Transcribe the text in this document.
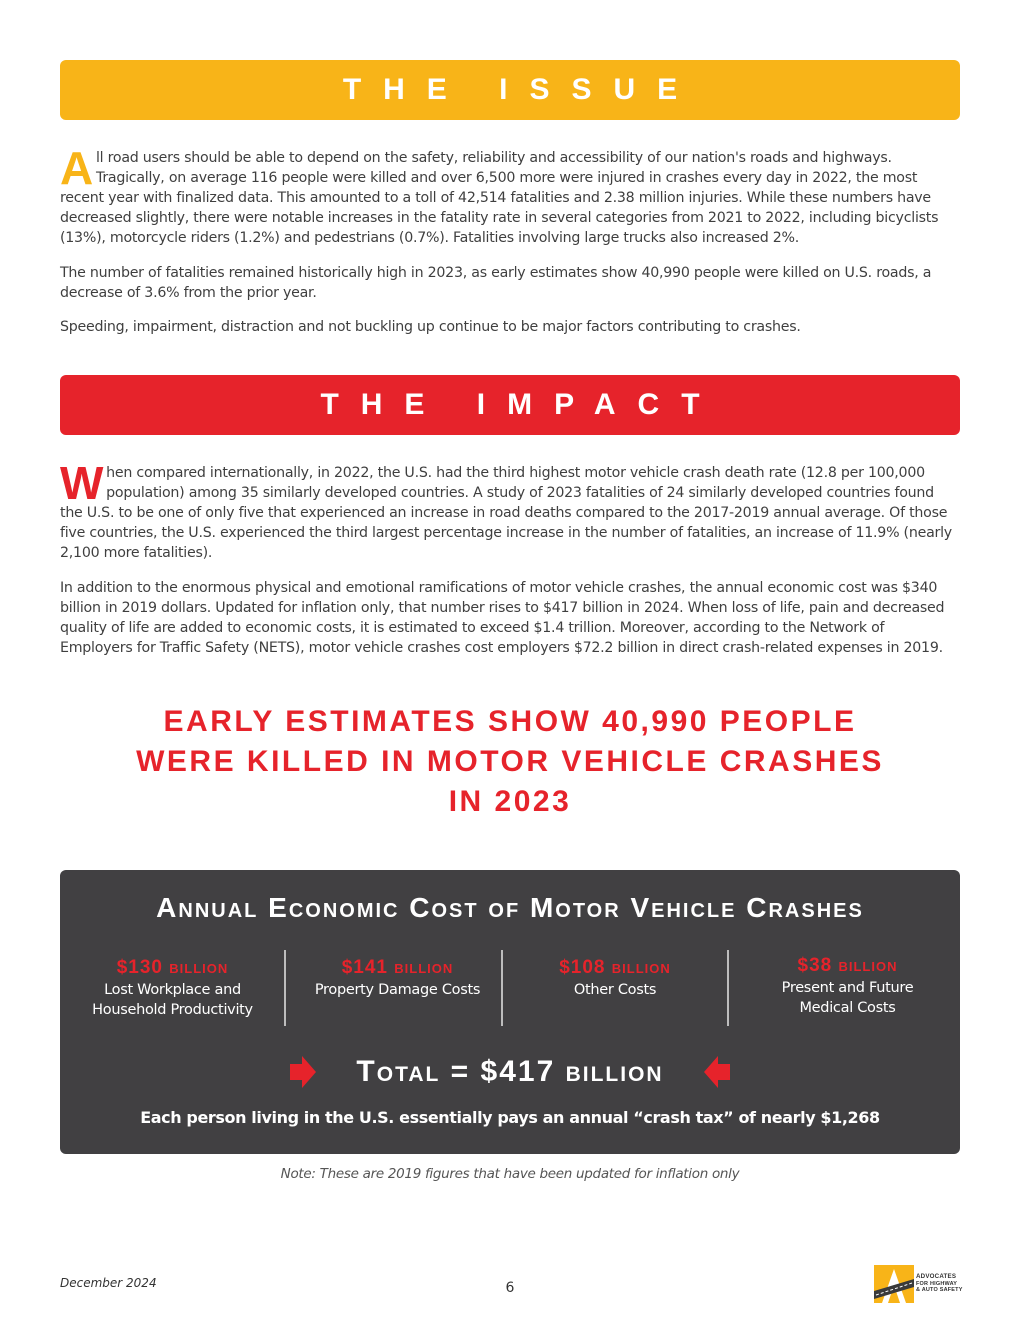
THE ISSUE

All road users should be able to depend on the safety, reliability and accessibility of our nation's roads and highways. Tragically, on average 116 people were killed and over 6,500 more were injured in crashes every day in 2022, the most recent year with finalized data. This amounted to a toll of 42,514 fatalities and 2.38 million injuries. While these numbers have decreased slightly, there were notable increases in the fatality rate in several categories from 2021 to 2022, including bicyclists (13%), motorcycle riders (1.2%) and pedestrians (0.7%). Fatalities involving large trucks also increased 2%.

The number of fatalities remained historically high in 2023, as early estimates show 40,990 people were killed on U.S. roads, a decrease of 3.6% from the prior year.

Speeding, impairment, distraction and not buckling up continue to be major factors contributing to crashes.

THE IMPACT

When compared internationally, in 2022, the U.S. had the third highest motor vehicle crash death rate (12.8 per 100,000 population) among 35 similarly developed countries. A study of 2023 fatalities of 24 similarly developed countries found the U.S. to be one of only five that experienced an increase in road deaths compared to the 2017-2019 annual average. Of those five countries, the U.S. experienced the third largest percentage increase in the number of fatalities, an increase of 11.9% (nearly 2,100 more fatalities).

In addition to the enormous physical and emotional ramifications of motor vehicle crashes, the annual economic cost was $340 billion in 2019 dollars. Updated for inflation only, that number rises to $417 billion in 2024. When loss of life, pain and decreased quality of life are added to economic costs, it is estimated to exceed $1.4 trillion. Moreover, according to the Network of Employers for Traffic Safety (NETS), motor vehicle crashes cost employers $72.2 billion in direct crash-related expenses in 2019.

EARLY ESTIMATES SHOW 40,990 PEOPLE
WERE KILLED IN MOTOR VEHICLE CRASHES
IN 2023
Annual Economic Cost of Motor Vehicle Crashes
$130 billion
Lost Workplace and
Household Productivity
$141 billion
Property Damage Costs
$108 billion
Other Costs
$38 billion
Present and Future
Medical Costs
Total = $417 billion
Each person living in the U.S. essentially pays an annual “crash tax” of nearly $1,268
Note: These are 2019 figures that have been updated for inflation only
December 2024	6
ADVOCATES
FOR HIGHWAY
& AUTO SAFETY
